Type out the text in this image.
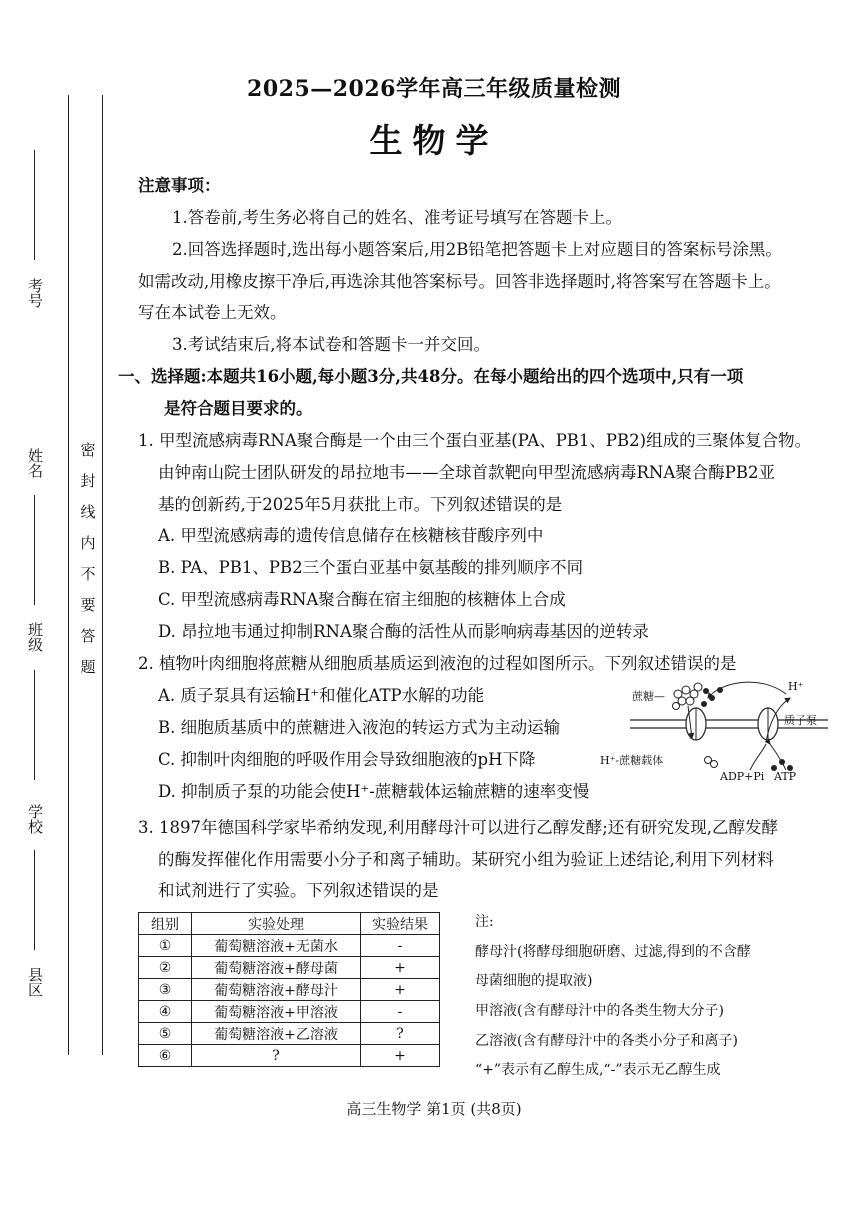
考号
姓名
班级
学校
县区
密
封
线
内
不
要
答
题
2025—2026学年高三年级质量检测
生物学
注意事项：
1.答卷前,考生务必将自己的姓名、准考证号填写在答题卡上。
2.回答选择题时,选出每小题答案后,用2B铅笔把答题卡上对应题目的答案标号涂黑。
如需改动,用橡皮擦干净后,再选涂其他答案标号。回答非选择题时,将答案写在答题卡上。
写在本试卷上无效。
3.考试结束后,将本试卷和答题卡一并交回。
一、选择题:本题共16小题,每小题3分,共48分。在每小题给出的四个选项中,只有一项
是符合题目要求的。
1. 甲型流感病毒RNA聚合酶是一个由三个蛋白亚基(PA、PB1、PB2)组成的三聚体复合物。
由钟南山院士团队研发的昂拉地韦——全球首款靶向甲型流感病毒RNA聚合酶PB2亚
基的创新药,于2025年5月获批上市。下列叙述错误的是
A. 甲型流感病毒的遗传信息储存在核糖核苷酸序列中
B. PA、PB1、PB2三个蛋白亚基中氨基酸的排列顺序不同
C. 甲型流感病毒RNA聚合酶在宿主细胞的核糖体上合成
D. 昂拉地韦通过抑制RNA聚合酶的活性从而影响病毒基因的逆转录
2. 植物叶肉细胞将蔗糖从细胞质基质运到液泡的过程如图所示。下列叙述错误的是
A. 质子泵具有运输H⁺和催化ATP水解的功能
B. 细胞质基质中的蔗糖进入液泡的转运方式为主动运输
C. 抑制叶肉细胞的呼吸作用会导致细胞液的pH下降
D. 抑制质子泵的功能会使H⁺-蔗糖载体运输蔗糖的速率变慢
蔗糖—
H⁺
质子泵
H⁺-蔗糖载体
ADP+Pi ATP
3. 1897年德国科学家毕希纳发现,利用酵母汁可以进行乙醇发酵;还有研究发现,乙醇发酵
的酶发挥催化作用需要小分子和离子辅助。某研究小组为验证上述结论,利用下列材料
和试剂进行了实验。下列叙述错误的是
组别	实验处理	实验结果
①	葡萄糖溶液+无菌水	-
②	葡萄糖溶液+酵母菌	+
③	葡萄糖溶液+酵母汁	+
④	葡萄糖溶液+甲溶液	-
⑤	葡萄糖溶液+乙溶液	?
⑥	?	+
注:
酵母汁(将酵母细胞研磨、过滤,得到的不含酵
母菌细胞的提取液)
甲溶液(含有酵母汁中的各类生物大分子)
乙溶液(含有酵母汁中的各类小分子和离子)
“+”表示有乙醇生成,“-”表示无乙醇生成
高三生物学 第1页 (共8页)
